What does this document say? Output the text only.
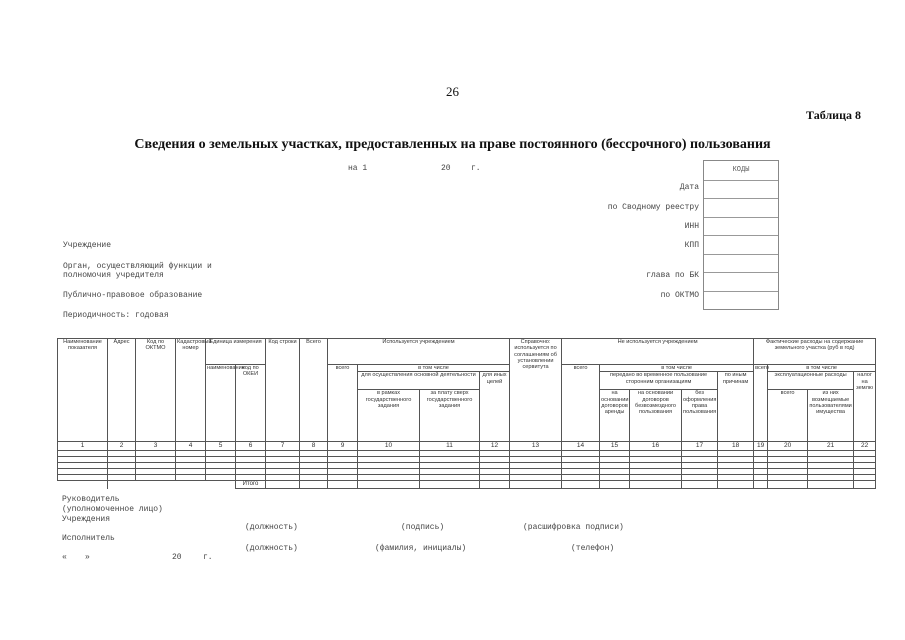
26
Таблица 8
Сведения о земельных участках, предоставленных на праве постоянного (бессрочного) пользования
на 1	20	г.	КОДЫ
Дата
по Сводному реестру
ИНН
КПП
глава по БК
по ОКТМО
Учреждение
Орган, осуществляющий функции и
полномочия учредителя
Публично-правовое образование
Периодичность: годовая
Наименование показателя	Адрес	Код по ОКТМО	Кадастровый номер	Единица измерения		Код строки	Всего	Используется учреждением				Справочно: используется по соглашениям об установлении сервитута	Не используется учреждением					Фактические расходы на содержание земельного участка (руб в год)			
				наименование	код по ОКЕИ			всего	в том числе				всего	в том числе				всего	в том числе		
									для осуществления основной деятельности		для иных целей			передано во временное пользование сторонним организациям			по иным причинам		эксплуатационные расходы		налог на землю
									в рамках государственного задания	за плату сверх государственного задания				на основании договоров аренды	на основании договоров безвозмездного пользования	без оформления права пользования			всего	из них возмещаемые пользователями имущества	
1	2	3	4	5	6	7	8	9	10	11	12	13	14	15	16	17	18	19	20	21	22

					Итого																
Руководитель
(уполномоченное лицо)
Учреждения
(должность)	(подпись)	(расшифровка подписи)
Исполнитель
(должность)	(фамилия, инициалы)	(телефон)
« »	20	г.
